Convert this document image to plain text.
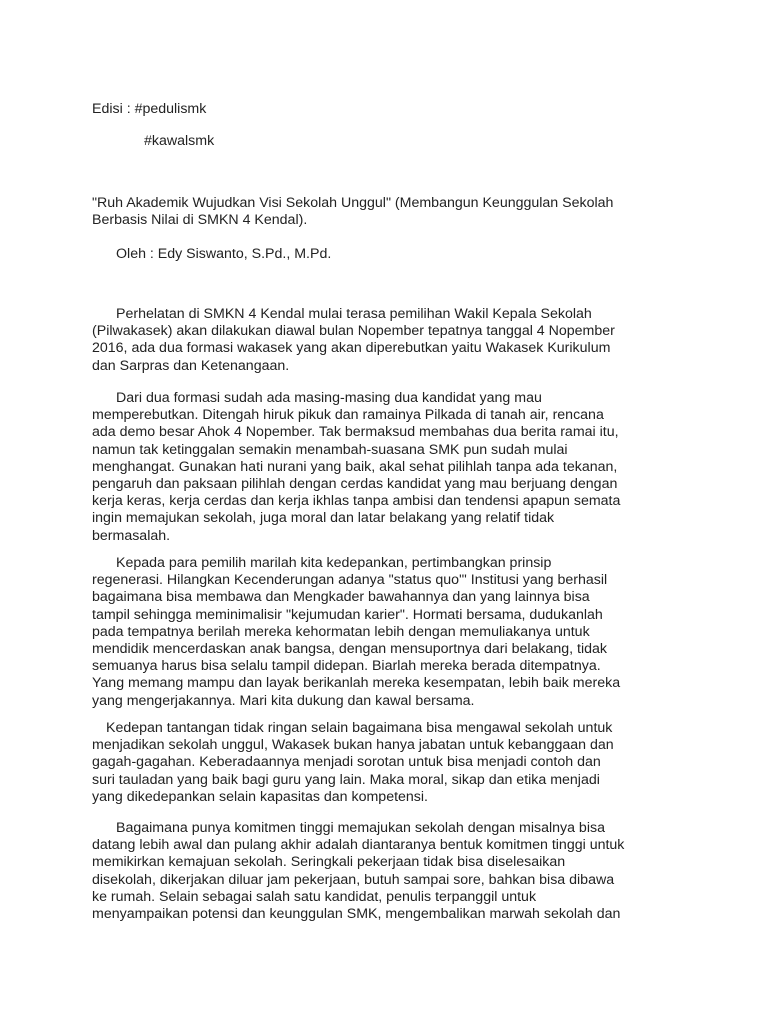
Edisi : #pedulismk
#kawalsmk
"Ruh Akademik Wujudkan Visi Sekolah Unggul" (Membangun Keunggulan Sekolah
Berbasis Nilai di SMKN 4 Kendal).
Oleh : Edy Siswanto, S.Pd., M.Pd.
Perhelatan di SMKN 4 Kendal mulai terasa pemilihan Wakil Kepala Sekolah
(Pilwakasek) akan dilakukan diawal bulan Nopember tepatnya tanggal 4 Nopember
2016, ada dua formasi wakasek yang akan diperebutkan yaitu Wakasek Kurikulum
dan Sarpras dan Ketenangaan.
Dari dua formasi sudah ada masing-masing dua kandidat yang mau
memperebutkan. Ditengah hiruk pikuk dan ramainya Pilkada di tanah air, rencana
ada demo besar Ahok 4 Nopember. Tak bermaksud membahas dua berita ramai itu,
namun tak ketinggalan semakin menambah-suasana SMK pun sudah mulai
menghangat. Gunakan hati nurani yang baik, akal sehat pilihlah tanpa ada tekanan,
pengaruh dan paksaan pilihlah dengan cerdas kandidat yang mau berjuang dengan
kerja keras, kerja cerdas dan kerja ikhlas tanpa ambisi dan tendensi apapun semata
ingin memajukan sekolah, juga moral dan latar belakang yang relatif tidak
bermasalah.
Kepada para pemilih marilah kita kedepankan, pertimbangkan prinsip
regenerasi. Hilangkan Kecenderungan adanya "status quo"' Institusi yang berhasil
bagaimana bisa membawa dan Mengkader bawahannya dan yang lainnya bisa
tampil sehingga meminimalisir "kejumudan karier". Hormati bersama, dudukanlah
pada tempatnya berilah mereka kehormatan lebih dengan memuliakanya untuk
mendidik mencerdaskan anak bangsa, dengan mensuportnya dari belakang, tidak
semuanya harus bisa selalu tampil didepan. Biarlah mereka berada ditempatnya.
Yang memang mampu dan layak berikanlah mereka kesempatan, lebih baik mereka
yang mengerjakannya. Mari kita dukung dan kawal bersama.
Kedepan tantangan tidak ringan selain bagaimana bisa mengawal sekolah untuk
menjadikan sekolah unggul, Wakasek bukan hanya jabatan untuk kebanggaan dan
gagah-gagahan. Keberadaannya menjadi sorotan untuk bisa menjadi contoh dan
suri tauladan yang baik bagi guru yang lain. Maka moral, sikap dan etika menjadi
yang dikedepankan selain kapasitas dan kompetensi.
Bagaimana punya komitmen tinggi memajukan sekolah dengan misalnya bisa
datang lebih awal dan pulang akhir adalah diantaranya bentuk komitmen tinggi untuk
memikirkan kemajuan sekolah. Seringkali pekerjaan tidak bisa diselesaikan
disekolah, dikerjakan diluar jam pekerjaan, butuh sampai sore, bahkan bisa dibawa
ke rumah. Selain sebagai salah satu kandidat, penulis terpanggil untuk
menyampaikan potensi dan keunggulan SMK, mengembalikan marwah sekolah dan
